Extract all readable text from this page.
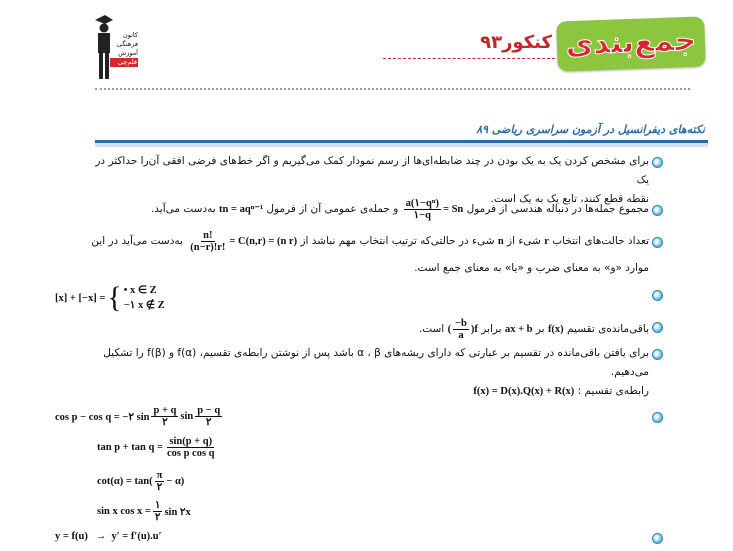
کانون
فرهنگی
آموزش
قلم‌چی	جمع‌بندی
کنکور۹۳
نکته‌های دیفرانسیل در آزمون سراسری ریاضی ۸۹
برای مشخص کردن یک به یک بودن در چند ضابطه‌ای‌ها از رسم نمودار کمک می‌گیریم و اگر خط‌های فرضی افقی آن‌را حداکثر در یک
نقطه قطع کنند، تابع یک به یک است.
مجموع جمله‌ها در دنباله هندسی از فرمول Sn =
$\frac{\text{a(۱−qⁿ)}}{۱-q}$
و جمله‌ی عمومی آن از فرمول tn = aqⁿ⁻¹ به‌دست می‌آید.
تعداد حالت‌های انتخاب r شیء از n شیء در حالتی‌که ترتیب انتخاب مهم نباشد از C(n,r) = (n r) =
$\frac{n!}{(n-r)!r!}$
به‌دست می‌آید در این
موارد «و» به معنای ضرب و «یا» به معنای جمع است.
[x] + [−x] = { • x ∈ Z
−۱ x ∉ Z
باقی‌مانده‌ی تقسیم f(x) بر ax + b برابر f(
$\frac{-b}{a}$
) است.
برای یافتن باقی‌مانده در تقسیم بر عبارتی که دارای ریشه‌های α ، β باشد پس از نوشتن رابطه‌ی تقسیم، f(α) و f(β) را تشکیل
می‌دهیم.
رابطه‌ی تقسیم : f(x) = D(x).Q(x) + R(x)
cos p − cos q = −۲ $\sin \frac{p + q}{۲}$ $\sin \frac{p - q}{۲}$
$\tan p + \tan q = \frac{\sin(p + q)}{\text{cos p cos q}}$
$\cot(\alpha) = \tan( \frac{\pi}{۲} - \alpha)$
sin x $\cos x = \frac{۱}{۲}$ sin ۲x
y = f(u)   →  y′ = f′(u).u′
